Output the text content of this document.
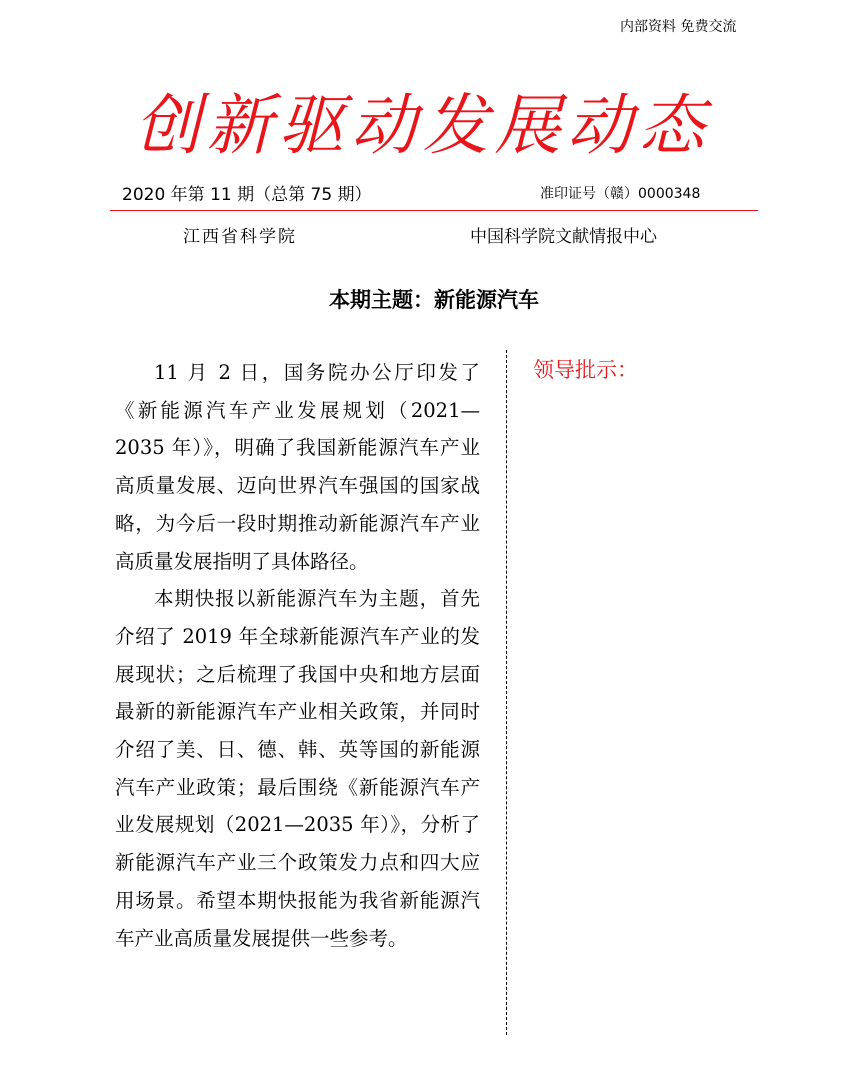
内部资料 免费交流
创新驱动发展动态
2020 年第 11 期（总第 75 期）	准印证号（赣）0000348
江西省科学院	中国科学院文献情报中心
本期主题：新能源汽车

11 月 2 日，国务院办公厅印发了《新能源汽车产业发展规划（2021—2035 年）》，明确了我国新能源汽车产业高质量发展、迈向世界汽车强国的国家战略，为今后一段时期推动新能源汽车产业高质量发展指明了具体路径。

本期快报以新能源汽车为主题，首先介绍了 2019 年全球新能源汽车产业的发展现状；之后梳理了我国中央和地方层面最新的新能源汽车产业相关政策，并同时介绍了美、日、德、韩、英等国的新能源汽车产业政策；最后围绕《新能源汽车产业发展规划（2021—2035 年）》，分析了新能源汽车产业三个政策发力点和四大应用场景。希望本期快报能为我省新能源汽车产业高质量发展提供一些参考。

领导批示：
